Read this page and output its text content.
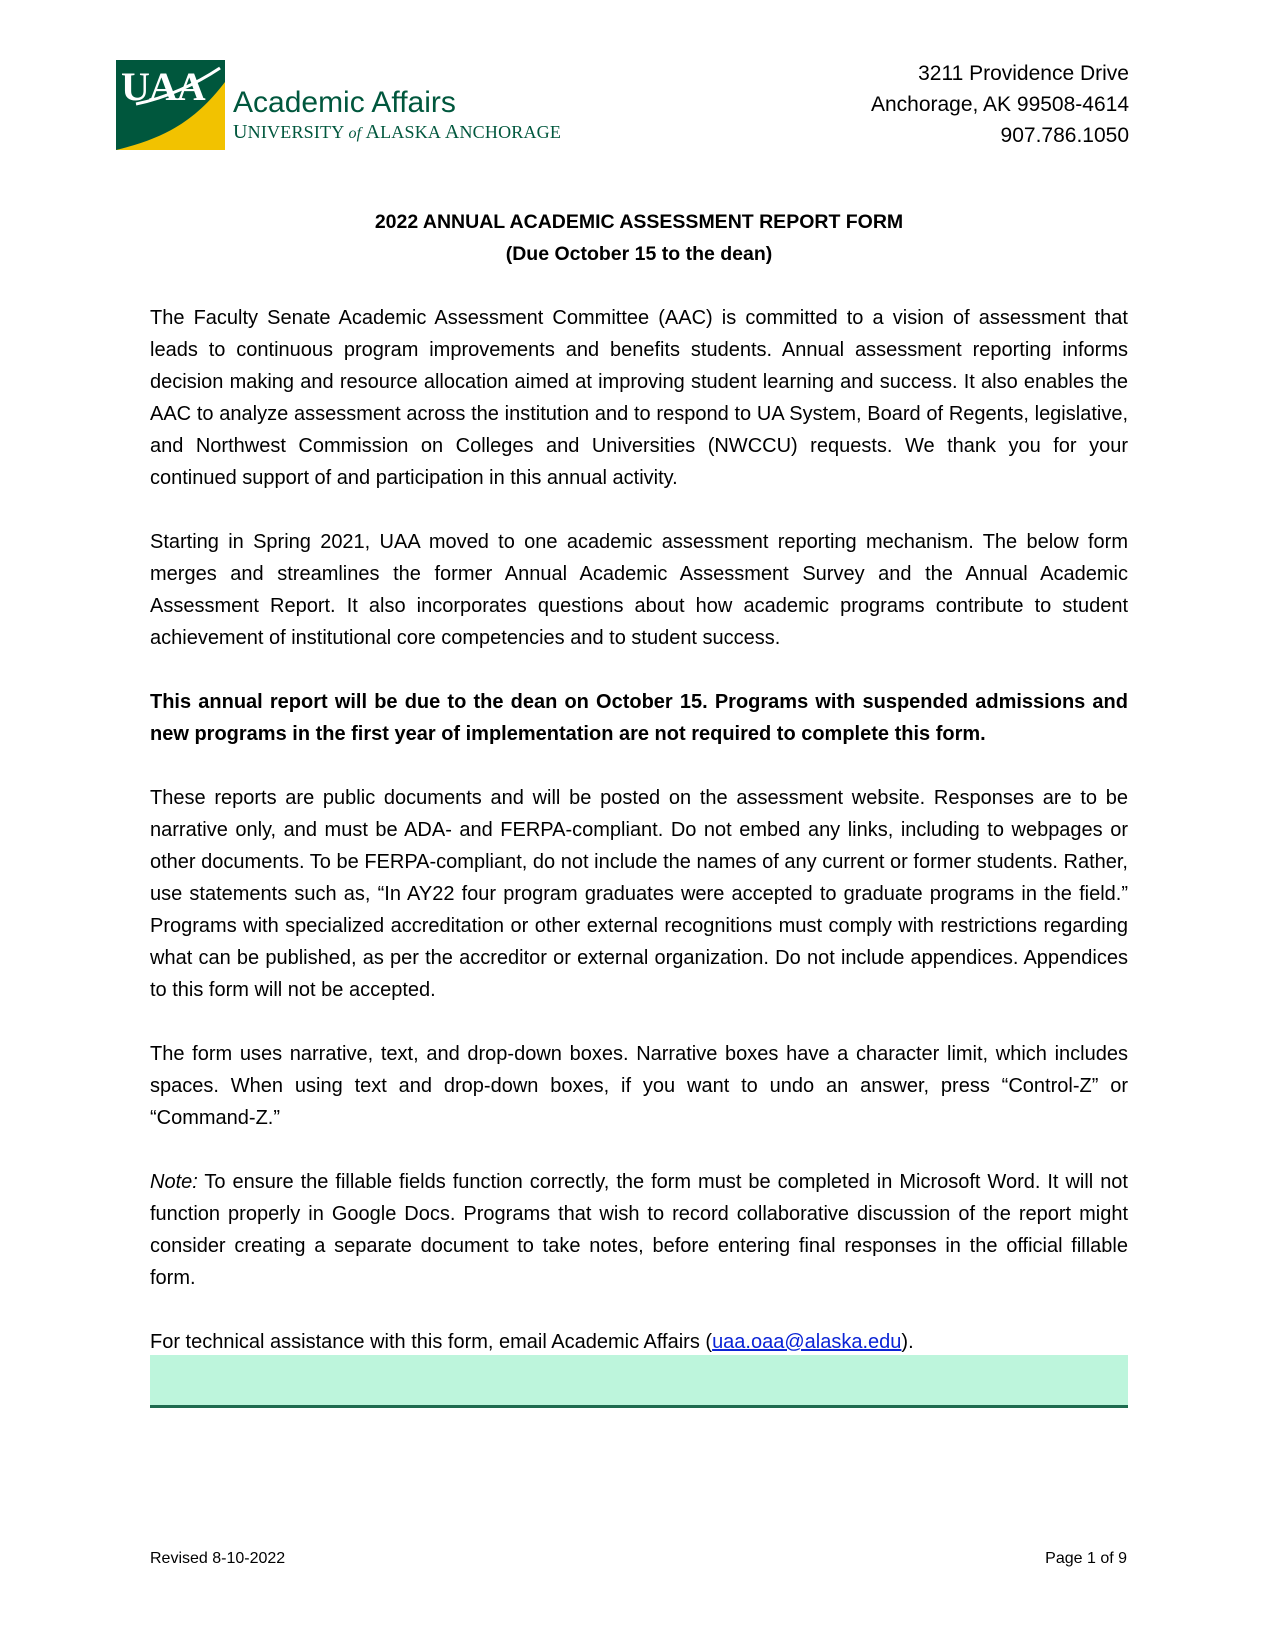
UAA Academic Affairs
UNIVERSITY of ALASKA ANCHORAGE
3211 Providence Drive
Anchorage, AK 99508-4614
907.786.1050
2022 ANNUAL ACADEMIC ASSESSMENT REPORT FORM
(Due October 15 to the dean)

The Faculty Senate Academic Assessment Committee (AAC) is committed to a vision of assessment that leads to continuous program improvements and benefits students. Annual assessment reporting informs decision making and resource allocation aimed at improving student learning and success. It also enables the AAC to analyze assessment across the institution and to respond to UA System, Board of Regents, legislative, and Northwest Commission on Colleges and Universities (NWCCU) requests. We thank you for your continued support of and participation in this annual activity.

Starting in Spring 2021, UAA moved to one academic assessment reporting mechanism. The below form merges and streamlines the former Annual Academic Assessment Survey and the Annual Academic Assessment Report. It also incorporates questions about how academic programs contribute to student achievement of institutional core competencies and to student success.

This annual report will be due to the dean on October 15. Programs with suspended admissions and new programs in the first year of implementation are not required to complete this form.

These reports are public documents and will be posted on the assessment website. Responses are to be narrative only, and must be ADA- and FERPA-compliant. Do not embed any links, including to webpages or other documents. To be FERPA-compliant, do not include the names of any current or former students. Rather, use statements such as, “In AY22 four program graduates were accepted to graduate programs in the field.” Programs with specialized accreditation or other external recognitions must comply with restrictions regarding what can be published, as per the accreditor or external organization. Do not include appendices. Appendices to this form will not be accepted.

The form uses narrative, text, and drop-down boxes. Narrative boxes have a character limit, which includes spaces. When using text and drop-down boxes, if you want to undo an answer, press “Control-Z” or “Command-Z.”

Note: To ensure the fillable fields function correctly, the form must be completed in Microsoft Word. It will not function properly in Google Docs. Programs that wish to record collaborative discussion of the report might consider creating a separate document to take notes, before entering final responses in the official fillable form.

For technical assistance with this form, email Academic Affairs (uaa.oaa@alaska.edu).

Revised 8-10-2022	Page 1 of 9
